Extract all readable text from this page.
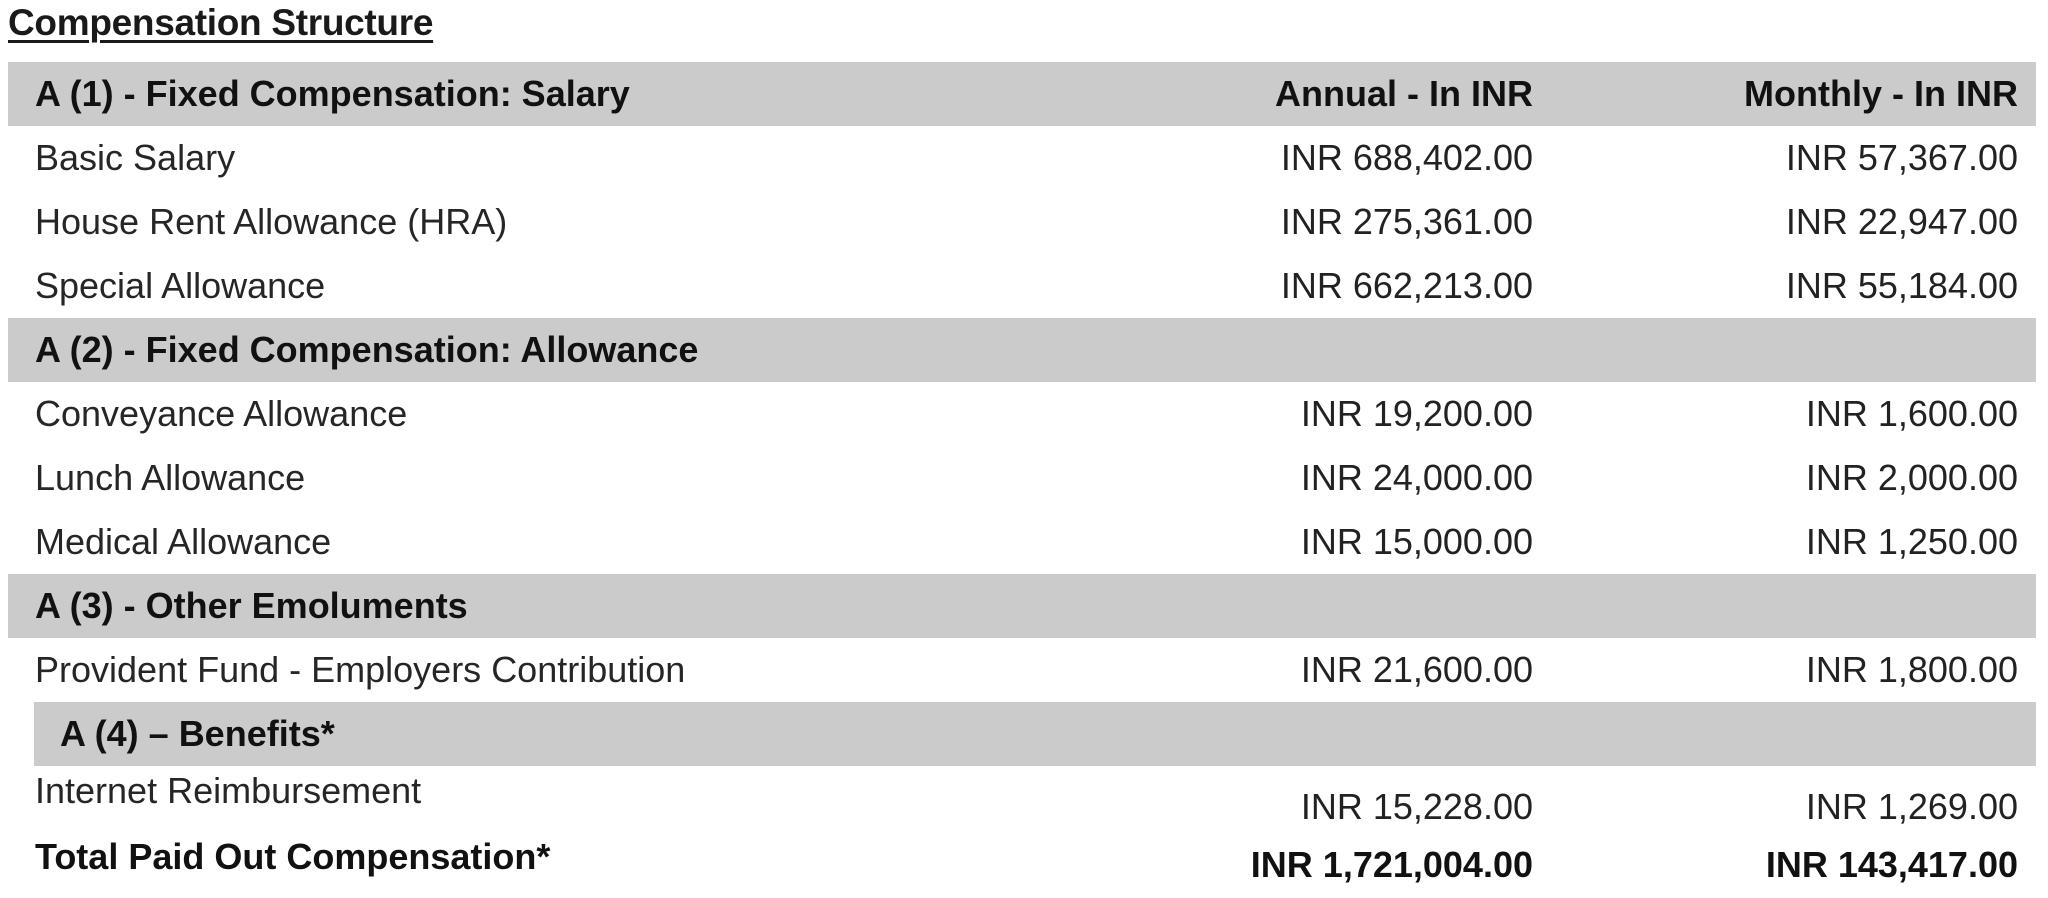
Compensation Structure
A (1) - Fixed Compensation: Salary	Annual - In INR	Monthly - In INR
Basic Salary	INR 688,402.00	INR 57,367.00
House Rent Allowance (HRA)	INR 275,361.00	INR 22,947.00
Special Allowance	INR 662,213.00	INR 55,184.00
A (2) - Fixed Compensation: Allowance
Conveyance Allowance	INR 19,200.00	INR 1,600.00
Lunch Allowance	INR 24,000.00	INR 2,000.00
Medical Allowance	INR 15,000.00	INR 1,250.00
A (3) - Other Emoluments
Provident Fund - Employers Contribution	INR 21,600.00	INR 1,800.00
A (4) – Benefits*
Internet Reimbursement	INR 15,228.00	INR 1,269.00
Total Paid Out Compensation*	INR 1,721,004.00	INR 143,417.00
